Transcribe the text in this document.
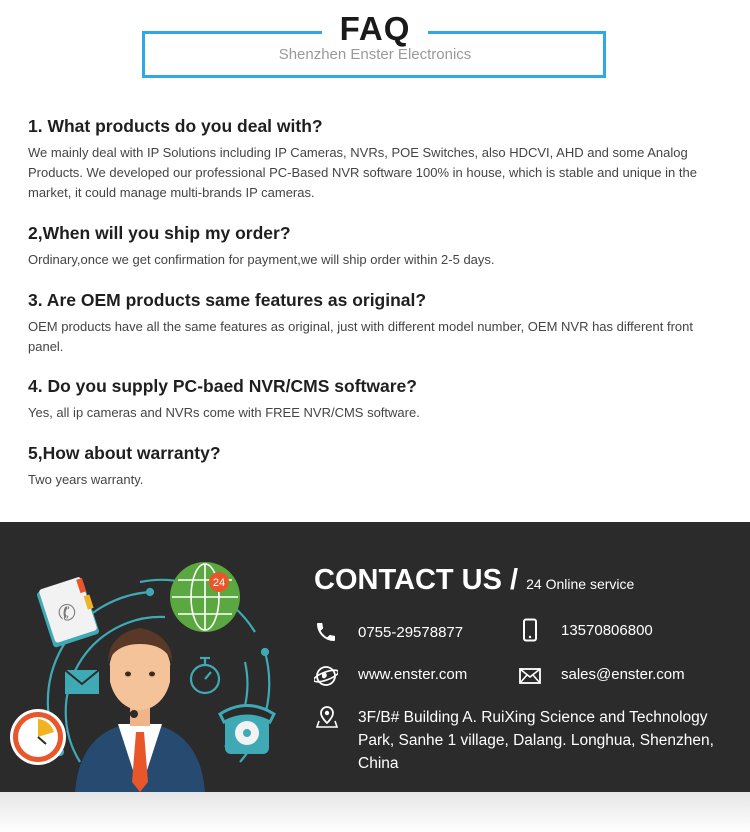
FAQ
Shenzhen Enster Electronics
1. What products do you deal with?
We mainly deal with IP Solutions including IP Cameras, NVRs, POE Switches, also HDCVI, AHD and some Analog Products. We developed our professional PC-Based NVR software 100% in house, which is stable and unique in the market, it could manage multi-brands IP cameras.
2,When will you ship my order?
Ordinary,once we get confirmation for payment,we will ship order within 2-5 days.
3. Are OEM products same features as original?
OEM products have all the same features as original, just with different model number, OEM NVR has different front panel.
4. Do you supply PC-baed NVR/CMS software?
Yes, all ip cameras and NVRs come with FREE NVR/CMS software.
5,How about warranty?
Two years warranty.
✆
24	CONTACT US / 24 Online service
0755-29578877	13570806800
www.enster.com	sales@enster.com
3F/B# Building A. RuiXing Science and Technology Park, Sanhe 1 village, Dalang. Longhua, Shenzhen, China
